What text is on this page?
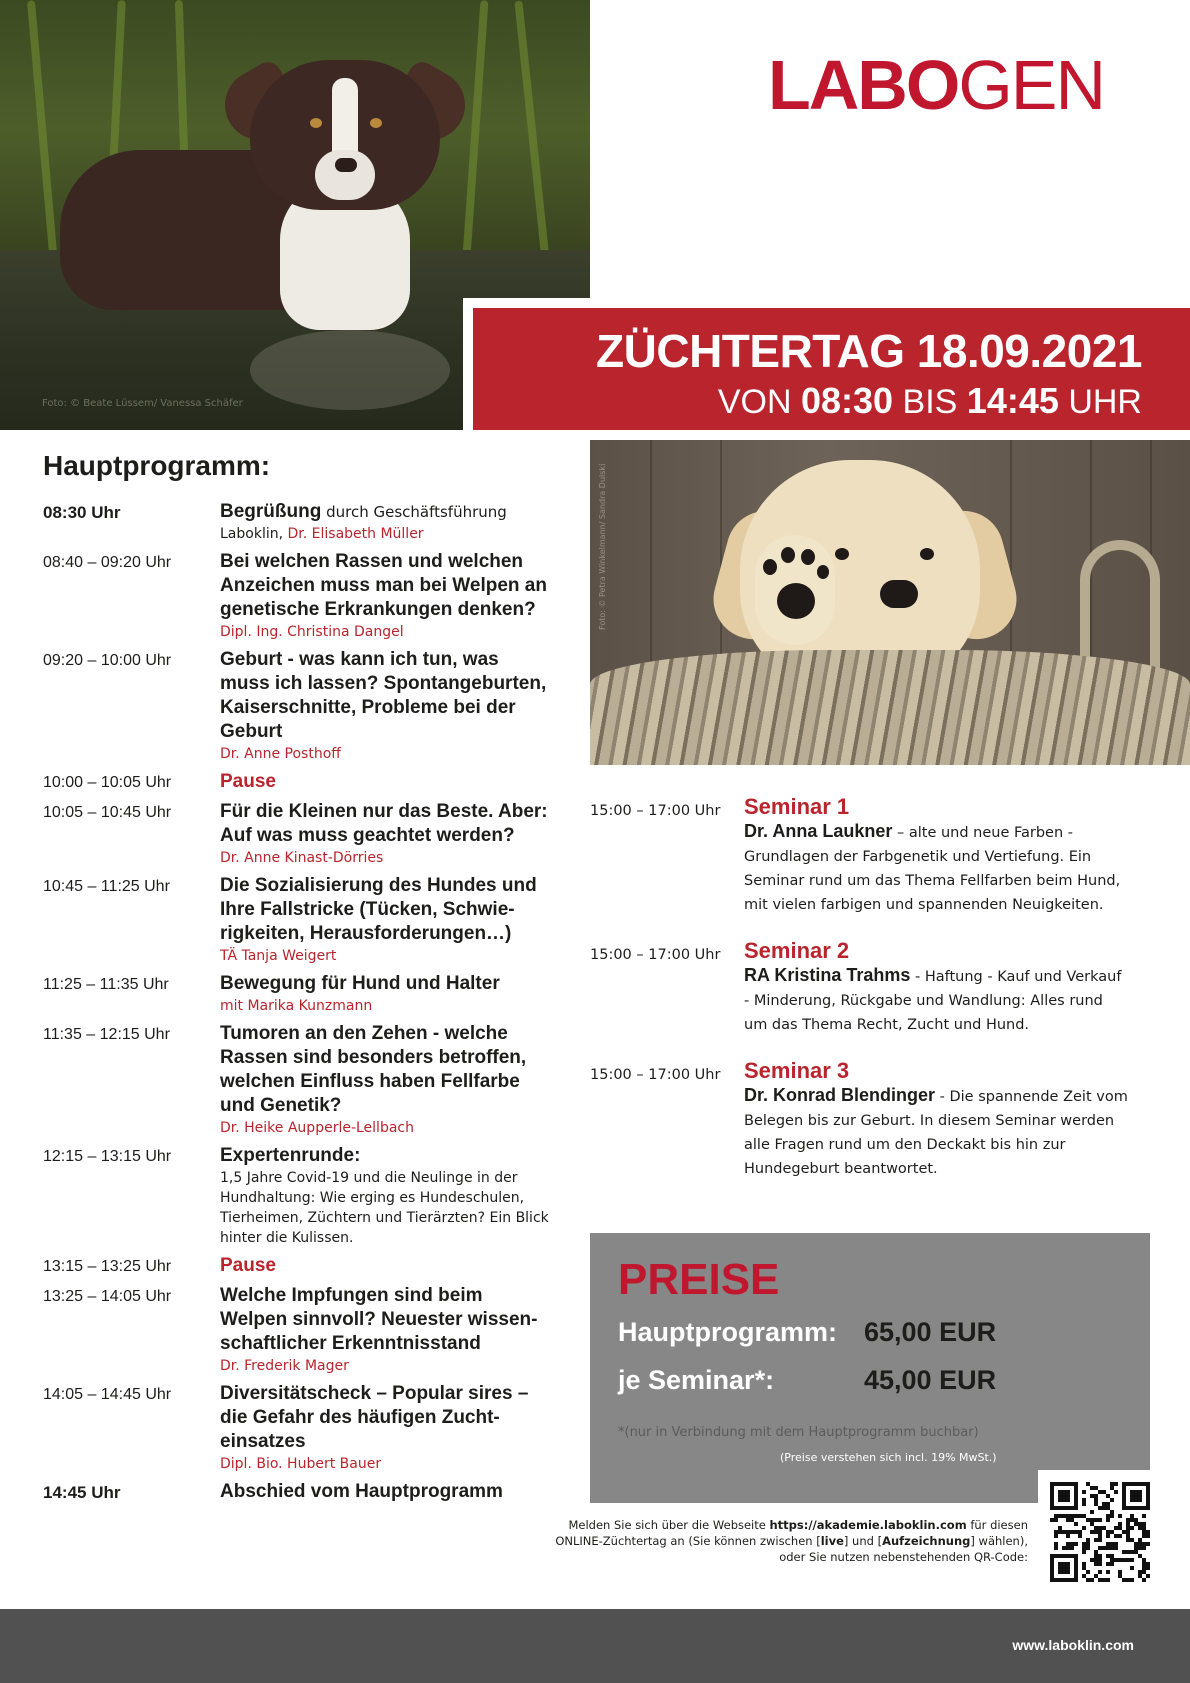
Foto: © Beate Lüssem/ Vanessa Schäfer
LABOGEN
ZÜCHTERTAG 18.09.2021
VON 08:30 BIS 14:45 UHR
Hauptprogramm:
08:30 Uhr	Begrüßung durch Geschäftsführung
Laboklin, Dr. Elisabeth Müller
08:40 – 09:20 Uhr	Bei welchen Rassen und welchen Anzeichen muss man bei Welpen an genetische Erkrankungen denken?
Dipl. Ing. Christina Dangel
09:20 – 10:00 Uhr	Geburt - was kann ich tun, was muss ich lassen? Spontangeburten, Kaiserschnitte, Probleme bei der Geburt
Dr. Anne Posthoff
10:00 – 10:05 Uhr	Pause
10:05 – 10:45 Uhr	Für die Kleinen nur das Beste. Aber: Auf was muss geachtet werden?
Dr. Anne Kinast-Dörries
10:45 – 11:25 Uhr	Die Sozialisierung des Hundes und Ihre Fallstricke (Tücken, Schwie-rigkeiten, Herausforderungen…)
TÄ Tanja Weigert
11:25 – 11:35 Uhr	Bewegung für Hund und Halter
mit Marika Kunzmann
11:35 – 12:15 Uhr	Tumoren an den Zehen - welche Rassen sind besonders betroffen, welchen Einfluss haben Fellfarbe und Genetik?
Dr. Heike Aupperle-Lellbach
12:15 – 13:15 Uhr	Expertenrunde:
1,5 Jahre Covid-19 und die Neulinge in der Hundhaltung: Wie erging es Hundeschulen, Tierheimen, Züchtern und Tierärzten? Ein Blick hinter die Kulissen.
13:15 – 13:25 Uhr	Pause
13:25 – 14:05 Uhr	Welche Impfungen sind beim Welpen sinnvoll? Neuester wissen-schaftlicher Erkenntnisstand
Dr. Frederik Mager
14:05 – 14:45 Uhr	Diversitätscheck – Popular sires – die Gefahr des häufigen Zucht-einsatzes
Dipl. Bio. Hubert Bauer
14:45 Uhr	Abschied vom Hauptprogramm
Foto: © Petra Winkelmann/ Sandra Dulski
15:00 – 17:00 Uhr	Seminar 1
Dr. Anna Laukner – alte und neue Farben - Grundlagen der Farbgenetik und Vertiefung. Ein Seminar rund um das Thema Fellfarben beim Hund, mit vielen farbigen und spannenden Neuigkeiten.
15:00 – 17:00 Uhr	Seminar 2
RA Kristina Trahms - Haftung - Kauf und Verkauf - Minderung, Rückgabe und Wandlung: Alles rund um das Thema Recht, Zucht und Hund.
15:00 – 17:00 Uhr	Seminar 3
Dr. Konrad Blendinger - Die spannende Zeit vom Belegen bis zur Geburt. In diesem Seminar werden alle Fragen rund um den Deckakt bis hin zur Hundegeburt beantwortet.
PREISE
Hauptprogramm: 65,00 EUR
je Seminar*:	45,00 EUR
*(nur in Verbindung mit dem Hauptprogramm buchbar)
(Preise verstehen sich incl. 19% MwSt.)
Melden Sie sich über die Webseite https://akademie.laboklin.com für diesen ONLINE-Züchtertag an (Sie können zwischen [live] und [Aufzeichnung] wählen), oder Sie nutzen nebenstehenden QR-Code:
www.laboklin.com
